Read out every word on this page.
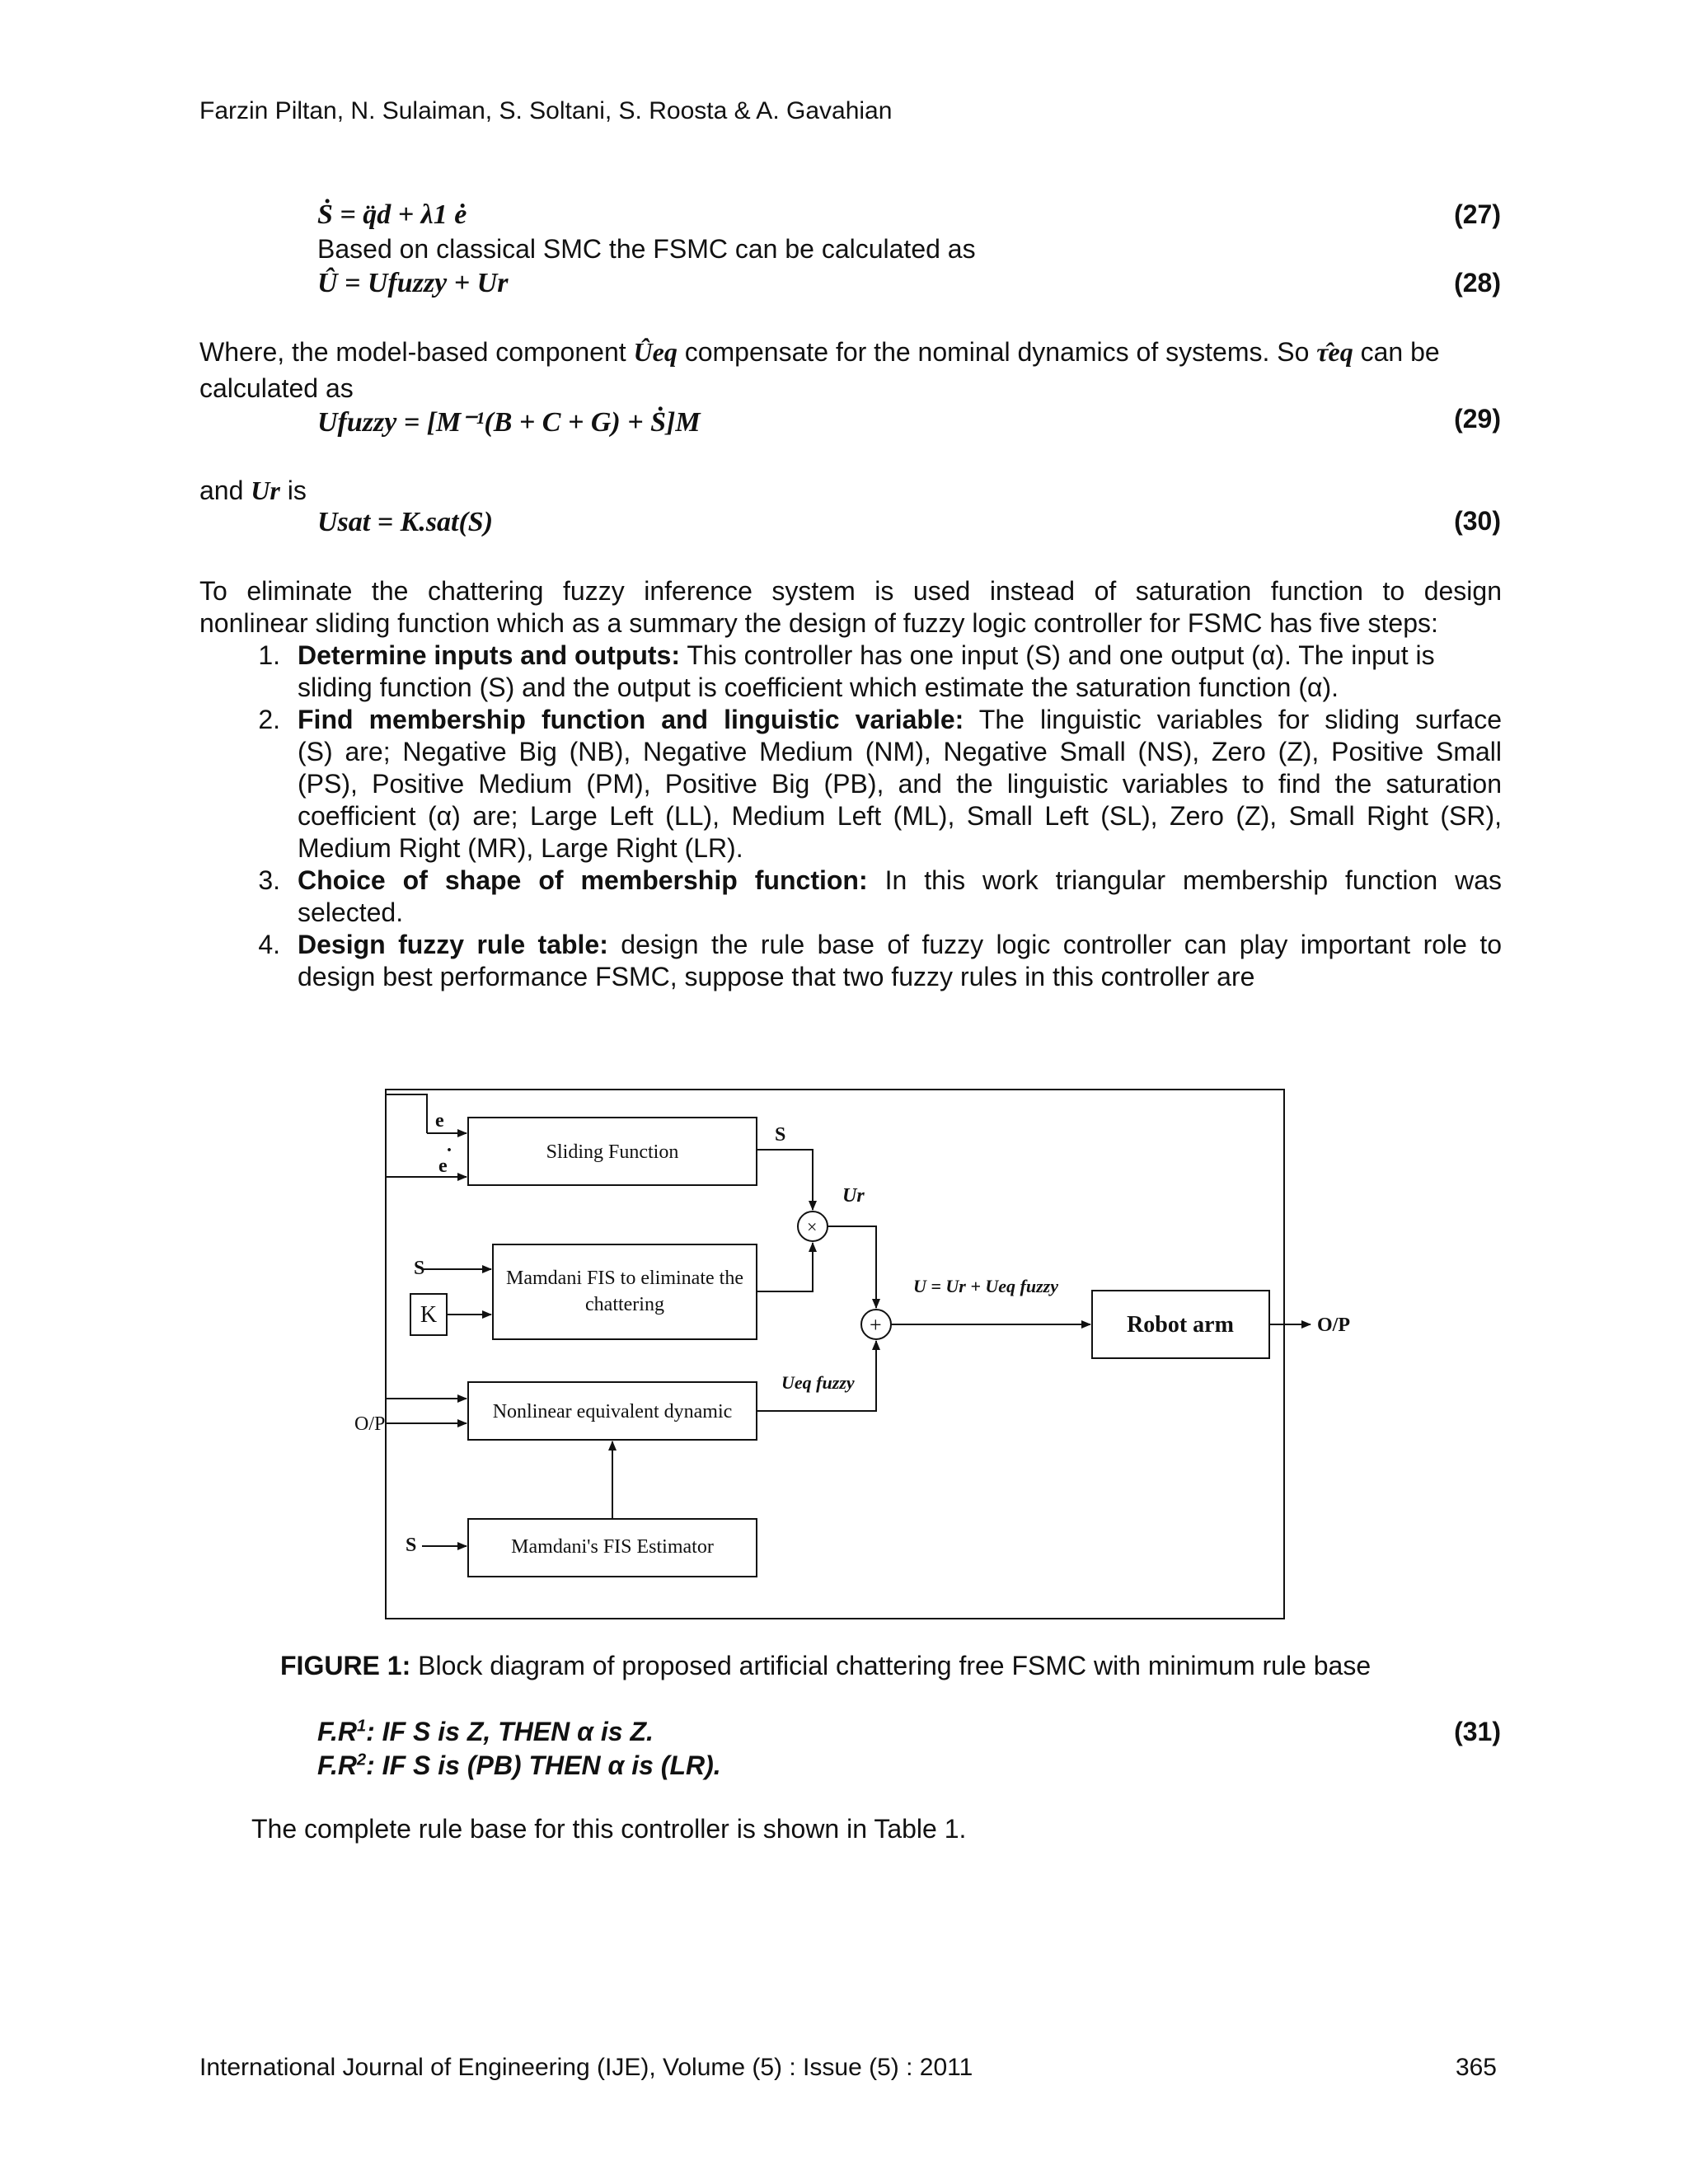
Farzin Piltan, N. Sulaiman, S. Soltani, S. Roosta & A. Gavahian
Ṡ = q̈d + λ1 ė	(27)
Based on classical SMC the FSMC can be calculated as
Û = Ufuzzy + Ur	(28)
Where, the model-based component Ûeq compensate for the nominal dynamics of systems. So τ̂eq can be
calculated as
Ufuzzy = [M⁻¹(B + C + G) + Ṡ]M	(29)
and Ur is
Usat = K.sat(S)	(30)
To eliminate the chattering fuzzy inference system is used instead of saturation function to design
nonlinear sliding function which as a summary the design of fuzzy logic controller for FSMC has five steps:
1. Determine inputs and outputs: This controller has one input (S) and one output (α). The input is
sliding function (S) and the output is coefficient which estimate the saturation function (α).
2. Find membership function and linguistic variable: The linguistic variables for sliding surface
(S) are; Negative Big (NB), Negative Medium (NM), Negative Small (NS), Zero (Z), Positive Small
(PS), Positive Medium (PM), Positive Big (PB), and the linguistic variables to find the saturation
coefficient (α) are; Large Left (LL), Medium Left (ML), Small Left (SL), Zero (Z), Small Right (SR),
Medium Right (MR), Large Right (LR).
3. Choice of shape of membership function: In this work triangular membership function was
selected.
4. Design fuzzy rule table: design the rule base of fuzzy logic controller can play important role to
design best performance FSMC, suppose that two fuzzy rules in this controller are
Sliding Function
Mamdani FIS to eliminate the
chattering
K
Nonlinear equivalent dynamic
Mamdani's FIS Estimator
Robot arm
e
e
·
S
S
S
Ur
U = Ur + Ueq fuzzy
Ueq fuzzy
O/P
O/P
×
+
FIGURE 1: Block diagram of proposed artificial chattering free FSMC with minimum rule base
$F.R^1$: IF S is Z, THEN α is Z.	(31)
$F.R^2$: IF S is (PB) THEN α is (LR).
The complete rule base for this controller is shown in Table 1.
International Journal of Engineering (IJE), Volume (5) : Issue (5) : 2011	365
